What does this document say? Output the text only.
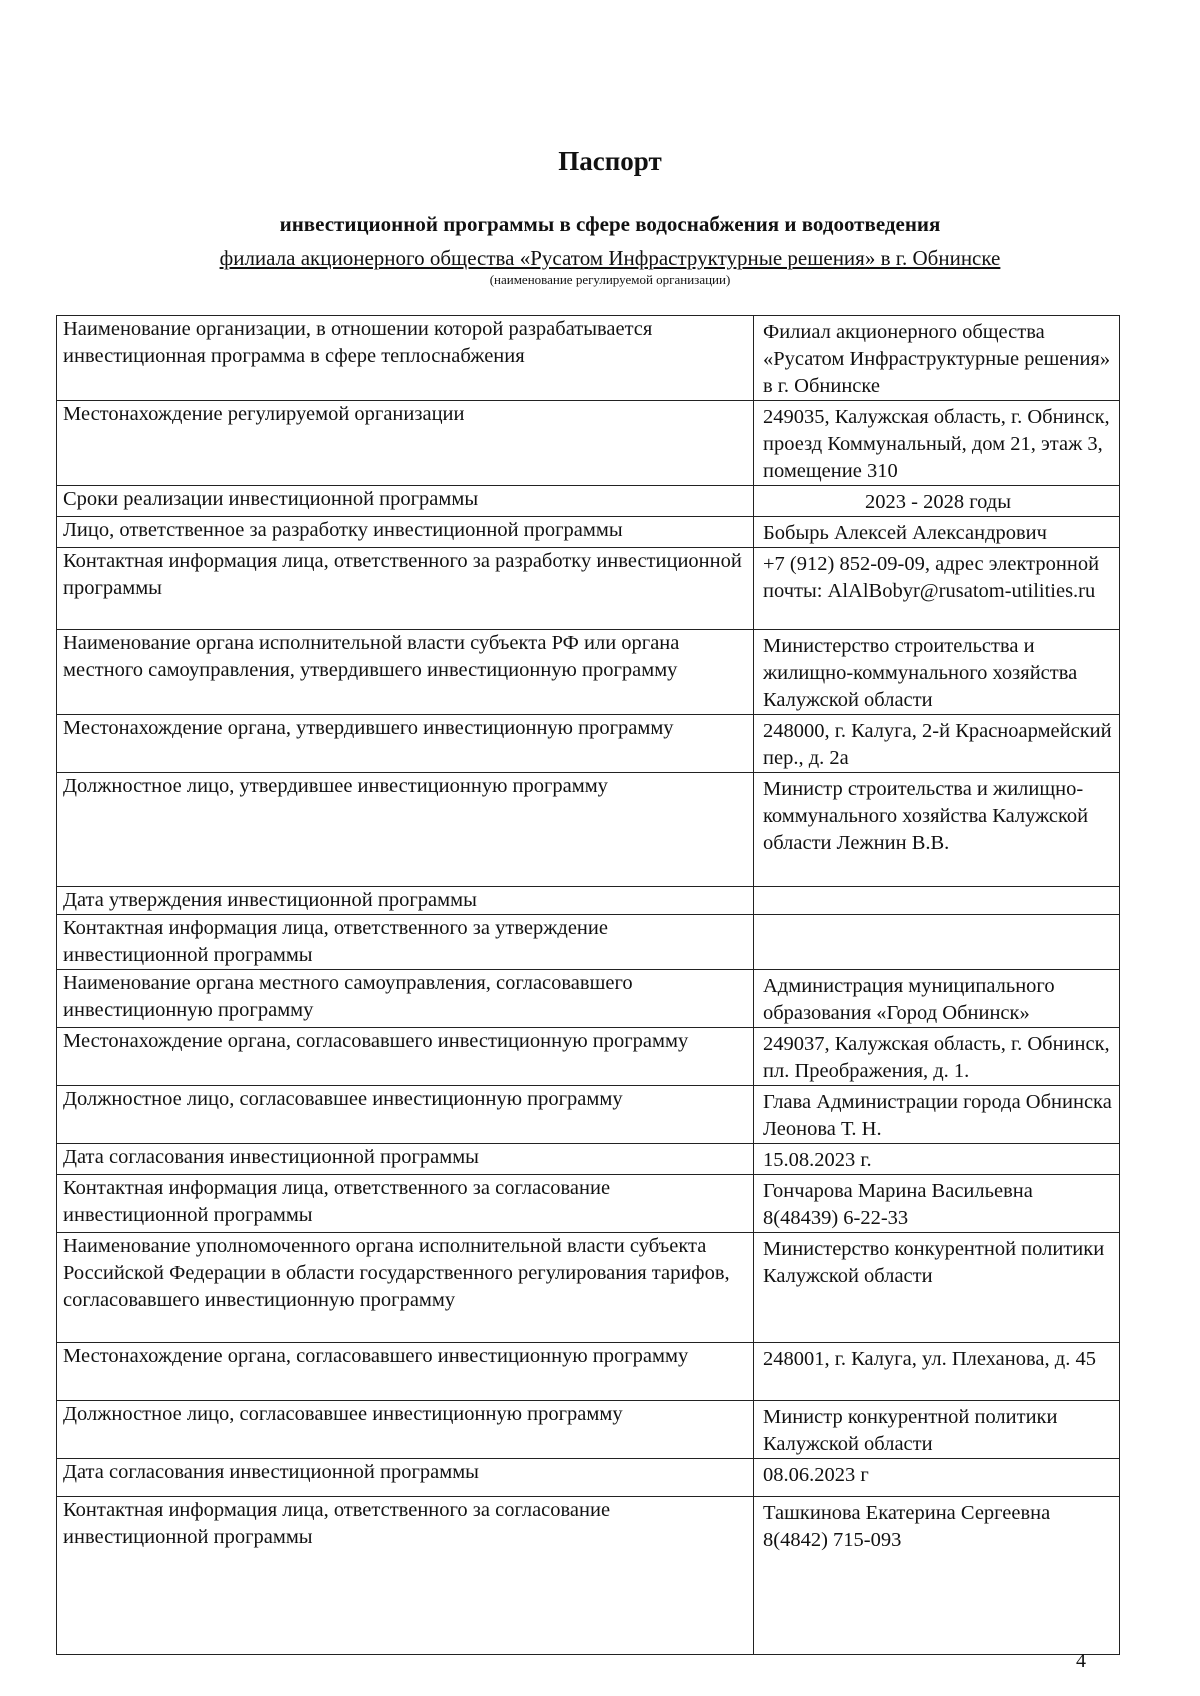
Паспорт
инвестиционной программы в сфере водоснабжения и водоотведения
филиала акционерного общества «Русатом Инфраструктурные решения» в г. Обнинске
(наименование регулируемой организации)
Наименование организации, в отношении которой разрабатывается инвестиционная программа в сфере теплоснабжения	Филиал акционерного общества «Русатом Инфраструктурные решения» в г. Обнинске
Местонахождение регулируемой организации	249035, Калужская область, г. Обнинск, проезд Коммунальный, дом 21, этаж 3, помещение 310
Сроки реализации инвестиционной программы	2023 - 2028 годы
Лицо, ответственное за разработку инвестиционной программы	Бобырь Алексей Александрович
Контактная информация лица, ответственного за разработку инвестиционной программы	+7 (912) 852-09-09, адрес электронной почты: AlAlBobyr@rusatom-utilities.ru
Наименование органа исполнительной власти субъекта РФ или органа местного самоуправления, утвердившего инвестиционную программу	Министерство строительства и жилищно-коммунального хозяйства Калужской области
Местонахождение органа, утвердившего инвестиционную программу	248000, г. Калуга, 2-й Красноармейский пер., д. 2а
Должностное лицо, утвердившее инвестиционную программу	Министр строительства и жилищно-коммунального хозяйства Калужской области Лежнин В.В.
Дата утверждения инвестиционной программы	
Контактная информация лица, ответственного за утверждение инвестиционной программы	
Наименование органа местного самоуправления, согласовавшего инвестиционную программу	Администрация муниципального образования «Город Обнинск»
Местонахождение органа, согласовавшего инвестиционную программу	249037, Калужская область, г. Обнинск, пл. Преображения, д. 1.
Должностное лицо, согласовавшее инвестиционную программу	Глава Администрации города Обнинска Леонова Т. Н.
Дата согласования инвестиционной программы	15.08.2023 г.
Контактная информация лица, ответственного за согласование инвестиционной программы	Гончарова Марина Васильевна 8(48439) 6-22-33
Наименование уполномоченного органа исполнительной власти субъекта Российской Федерации в области государственного регулирования тарифов, согласовавшего инвестиционную программу	Министерство конкурентной политики Калужской области
Местонахождение органа, согласовавшего инвестиционную программу	248001, г. Калуга, ул. Плеханова, д. 45
Должностное лицо, согласовавшее инвестиционную программу	Министр конкурентной политики Калужской области
Дата согласования инвестиционной программы	08.06.2023 г
Контактная информация лица, ответственного за согласование инвестиционной программы	Ташкинова Екатерина Сергеевна 8(4842) 715-093
4
